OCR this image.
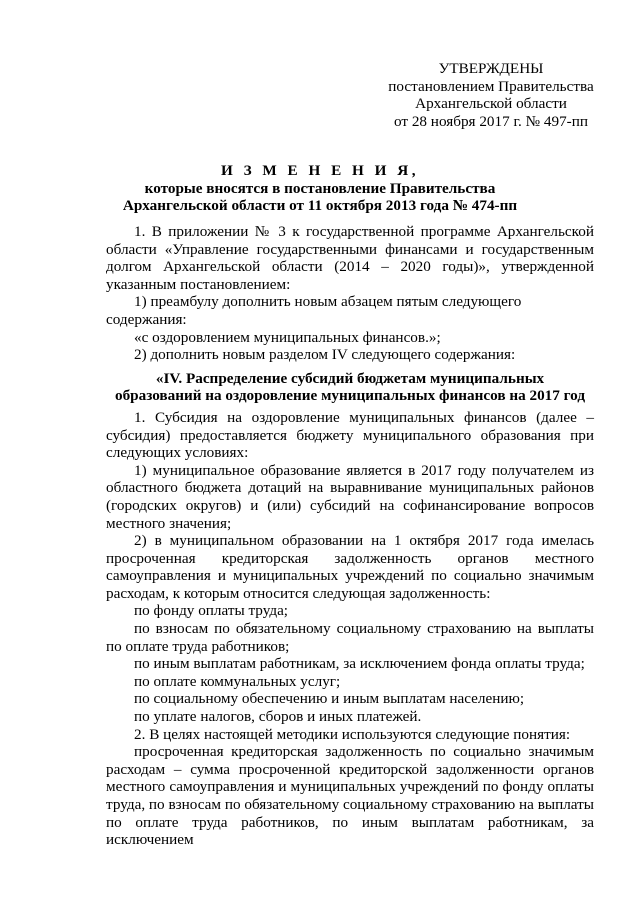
УТВЕРЖДЕНЫ
постановлением Правительства
Архангельской области
от 28 ноября 2017 г. № 497-пп
И З М Е Н Е Н И Я,
которые вносятся в постановление Правительства
Архангельской области от 11 октября 2013 года № 474-пп
1. В приложении № 3 к государственной программе Архангельской области «Управление государственными финансами и государственным долгом Архангельской области (2014 – 2020 годы)», утвержденной указанным постановлением:
1) преамбулу дополнить новым абзацем пятым следующего содержания:
«с оздоровлением муниципальных финансов.»;
2) дополнить новым разделом IV следующего содержания:
«IV. Распределение субсидий бюджетам муниципальных
образований на оздоровление муниципальных финансов на 2017 год
1. Субсидия на оздоровление муниципальных финансов (далее – субсидия) предоставляется бюджету муниципального образования при следующих условиях:
1) муниципальное образование является в 2017 году получателем из областного бюджета дотаций на выравнивание муниципальных районов (городских округов) и (или) субсидий на софинансирование вопросов местного значения;
2) в муниципальном образовании на 1 октября 2017 года имелась просроченная кредиторская задолженность органов местного самоуправления и муниципальных учреждений по социально значимым расходам, к которым относится следующая задолженность:
по фонду оплаты труда;
по взносам по обязательному социальному страхованию на выплаты по оплате труда работников;
по иным выплатам работникам, за исключением фонда оплаты труда;
по оплате коммунальных услуг;
по социальному обеспечению и иным выплатам населению;
по уплате налогов, сборов и иных платежей.
2. В целях настоящей методики используются следующие понятия:
просроченная кредиторская задолженность по социально значимым расходам – сумма просроченной кредиторской задолженности органов местного самоуправления и муниципальных учреждений по фонду оплаты труда, по взносам по обязательному социальному страхованию на выплаты по оплате труда работников, по иным выплатам работникам, за исключением
